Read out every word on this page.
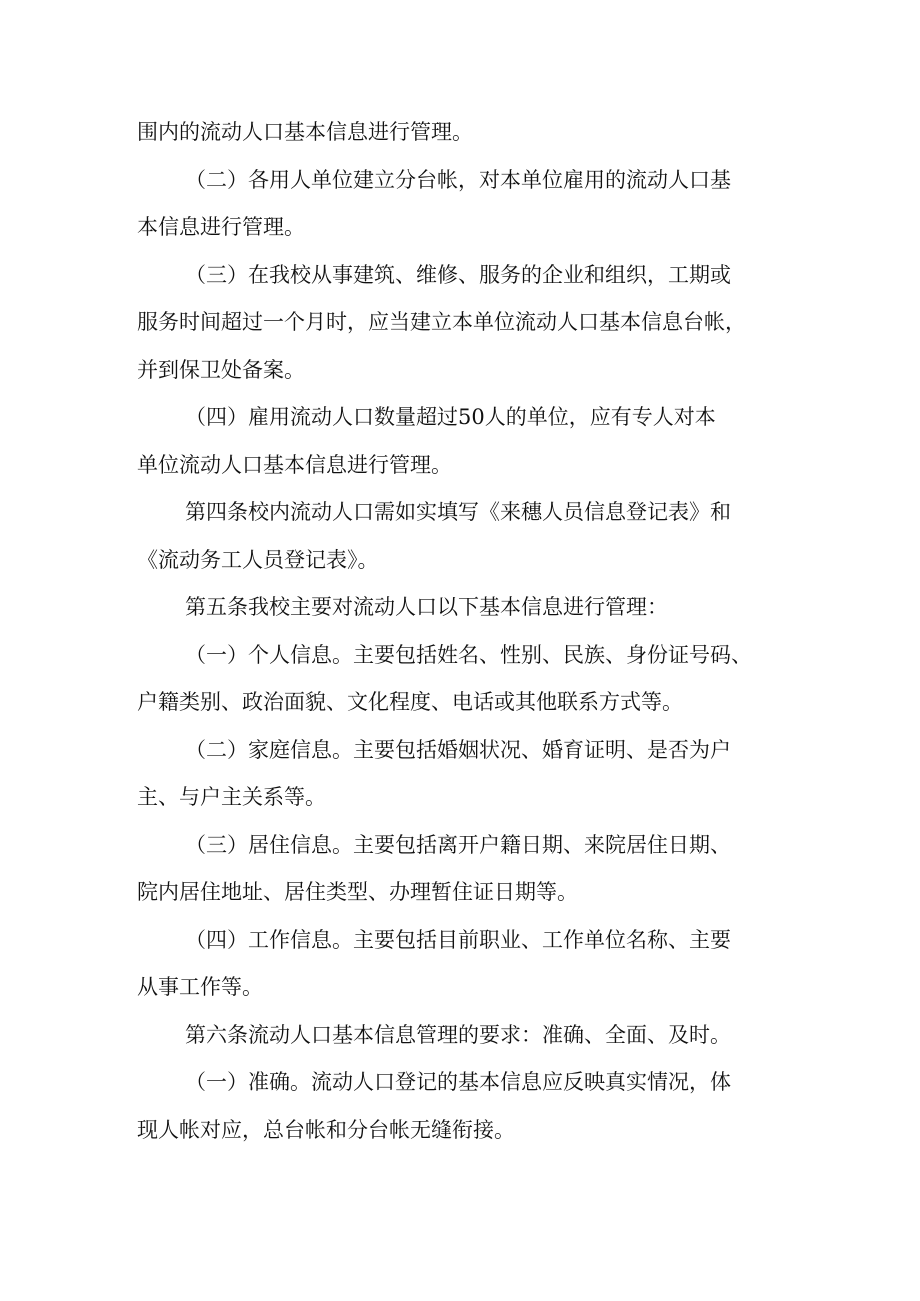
围内的流动人口基本信息进行管理。
（二）各用人单位建立分台帐，对本单位雇用的流动人口基
本信息进行管理。
（三）在我校从事建筑、维修、服务的企业和组织，工期或
服务时间超过一个月时，应当建立本单位流动人口基本信息台帐，
并到保卫处备案。
（四）雇用流动人口数量超过50人的单位，应有专人对本
单位流动人口基本信息进行管理。
第四条校内流动人口需如实填写《来穗人员信息登记表》和
《流动务工人员登记表》。
第五条我校主要对流动人口以下基本信息进行管理：
（一）个人信息。主要包括姓名、性别、民族、身份证号码、
户籍类别、政治面貌、文化程度、电话或其他联系方式等。
（二）家庭信息。主要包括婚姻状况、婚育证明、是否为户
主、与户主关系等。
（三）居住信息。主要包括离开户籍日期、来院居住日期、
院内居住地址、居住类型、办理暂住证日期等。
（四）工作信息。主要包括目前职业、工作单位名称、主要
从事工作等。
第六条流动人口基本信息管理的要求：准确、全面、及时。
（一）准确。流动人口登记的基本信息应反映真实情况，体
现人帐对应，总台帐和分台帐无缝衔接。
